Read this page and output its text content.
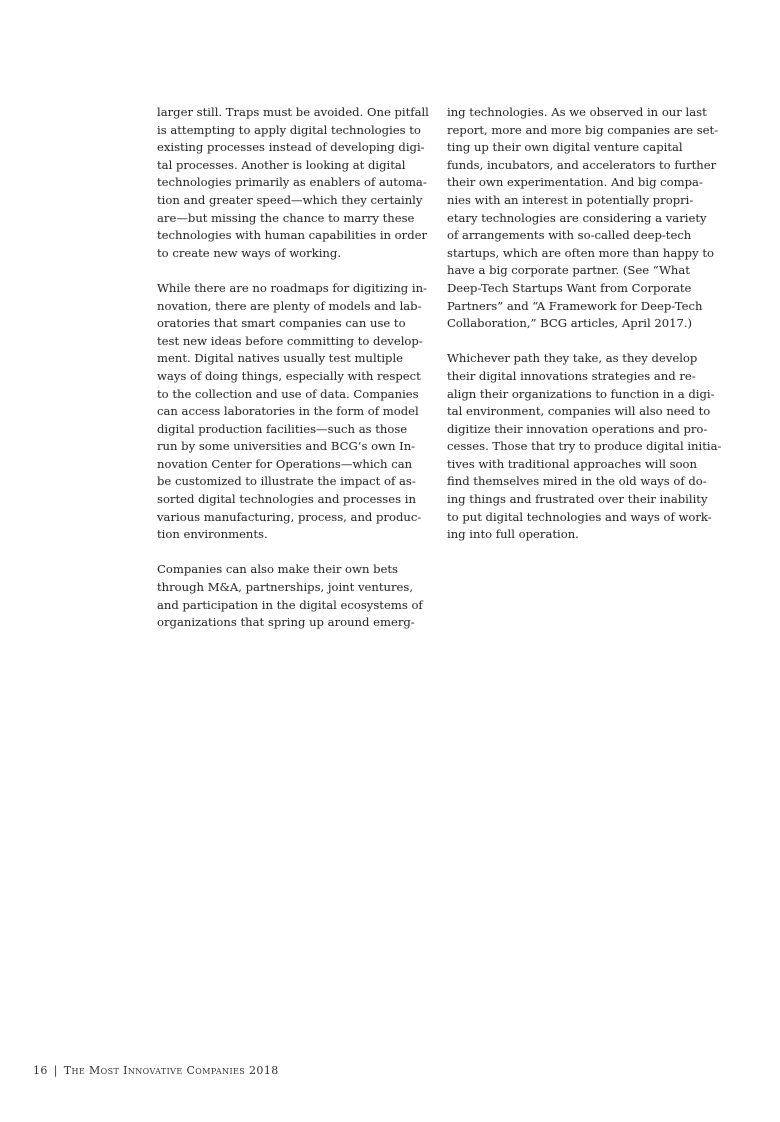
larger still. Traps must be avoided. One pitfall
is attempting to apply digital technologies to
existing processes instead of developing digi-
tal processes. Another is looking at digital
technologies primarily as enablers of automa-
tion and greater speed—which they certainly
are—but missing the chance to marry these
technologies with human capabilities in order
to create new ways of working.
While there are no roadmaps for digitizing in-
novation, there are plenty of models and lab-
oratories that smart companies can use to
test new ideas before committing to develop-
ment. Digital natives usually test multiple
ways of doing things, especially with respect
to the collection and use of data. Companies
can access laboratories in the form of model
digital production facilities—such as those
run by some universities and BCG’s own In-
novation Center for Operations—which can
be customized to illustrate the impact of as-
sorted digital technologies and processes in
various manufacturing, process, and produc-
tion environments.
Companies can also make their own bets
through M&A, partnerships, joint ventures,
and participation in the digital ecosystems of
organizations that spring up around emerg-
ing technologies. As we observed in our last
report, more and more big companies are set-
ting up their own digital venture capital
funds, incubators, and accelerators to further
their own experimentation. And big compa-
nies with an interest in potentially propri-
etary technologies are considering a variety
of arrangements with so-called deep-tech
startups, which are often more than happy to
have a big corporate partner. (See “What
Deep-Tech Startups Want from Corporate
Partners” and “A Framework for Deep-Tech
Collaboration,” BCG articles, April 2017.)
Whichever path they take, as they develop
their digital innovations strategies and re-
align their organizations to function in a digi-
tal environment, companies will also need to
digitize their innovation operations and pro-
cesses. Those that try to produce digital initia-
tives with traditional approaches will soon
find themselves mired in the old ways of do-
ing things and frustrated over their inability
to put digital technologies and ways of work-
ing into full operation.
16 | The Most Innovative Companies 2018
